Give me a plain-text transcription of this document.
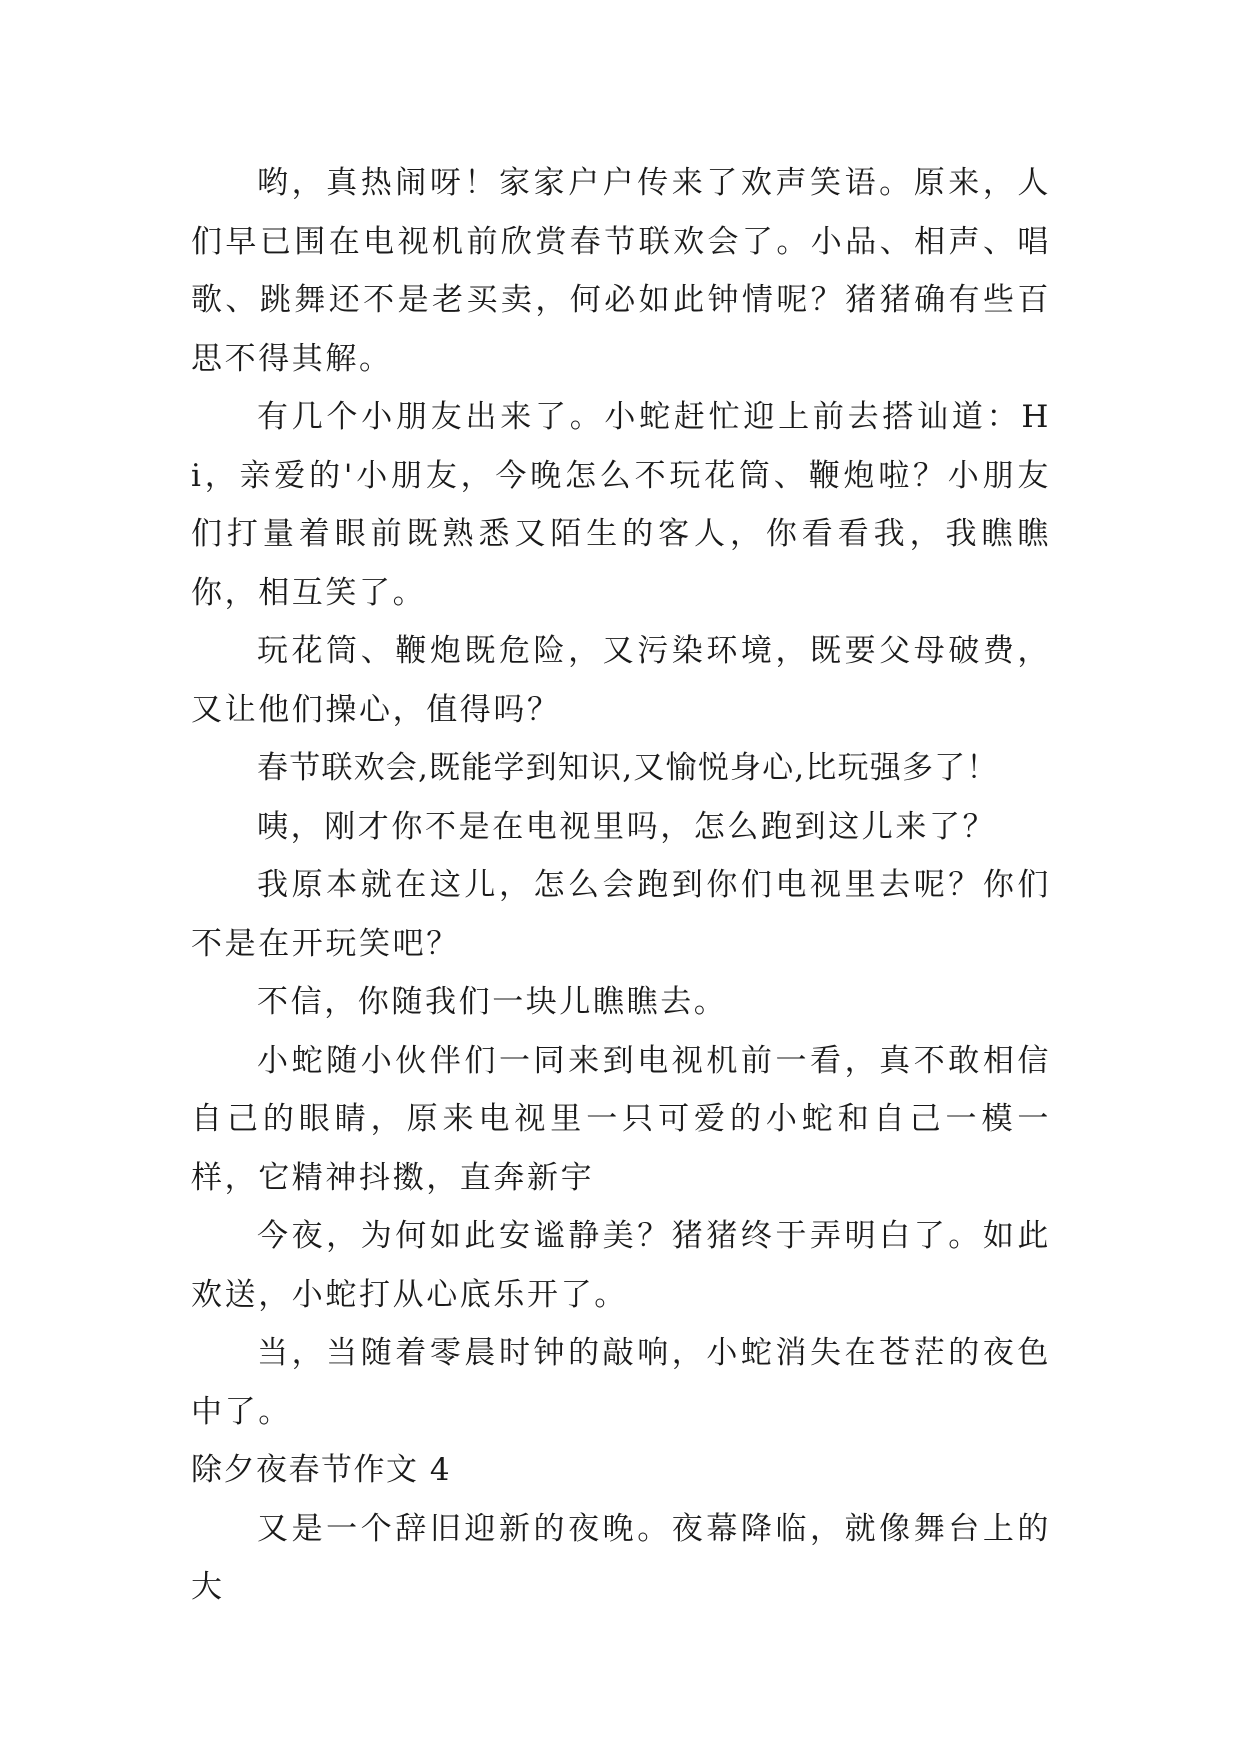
哟，真热闹呀！家家户户传来了欢声笑语。原来，人们早已围在电视机前欣赏春节联欢会了。小品、相声、唱歌、跳舞还不是老买卖，何必如此钟情呢？猪猪确有些百思不得其解。

有几个小朋友出来了。小蛇赶忙迎上前去搭讪道：Hi，亲爱的'小朋友，今晚怎么不玩花筒、鞭炮啦？小朋友们打量着眼前既熟悉又陌生的客人，你看看我，我瞧瞧你，相互笑了。

玩花筒、鞭炮既危险，又污染环境，既要父母破费，又让他们操心，值得吗？

春节联欢会,既能学到知识,又愉悦身心,比玩强多了！

咦，刚才你不是在电视里吗，怎么跑到这儿来了？

我原本就在这儿，怎么会跑到你们电视里去呢？你们不是在开玩笑吧？

不信，你随我们一块儿瞧瞧去。

小蛇随小伙伴们一同来到电视机前一看，真不敢相信自己的眼睛，原来电视里一只可爱的小蛇和自己一模一样，它精神抖擞，直奔新宇

今夜，为何如此安谧静美？猪猪终于弄明白了。如此欢送，小蛇打从心底乐开了。

当，当随着零晨时钟的敲响，小蛇消失在苍茫的夜色中了。

除夕夜春节作文 4

又是一个辞旧迎新的夜晚。夜幕降临，就像舞台上的大
